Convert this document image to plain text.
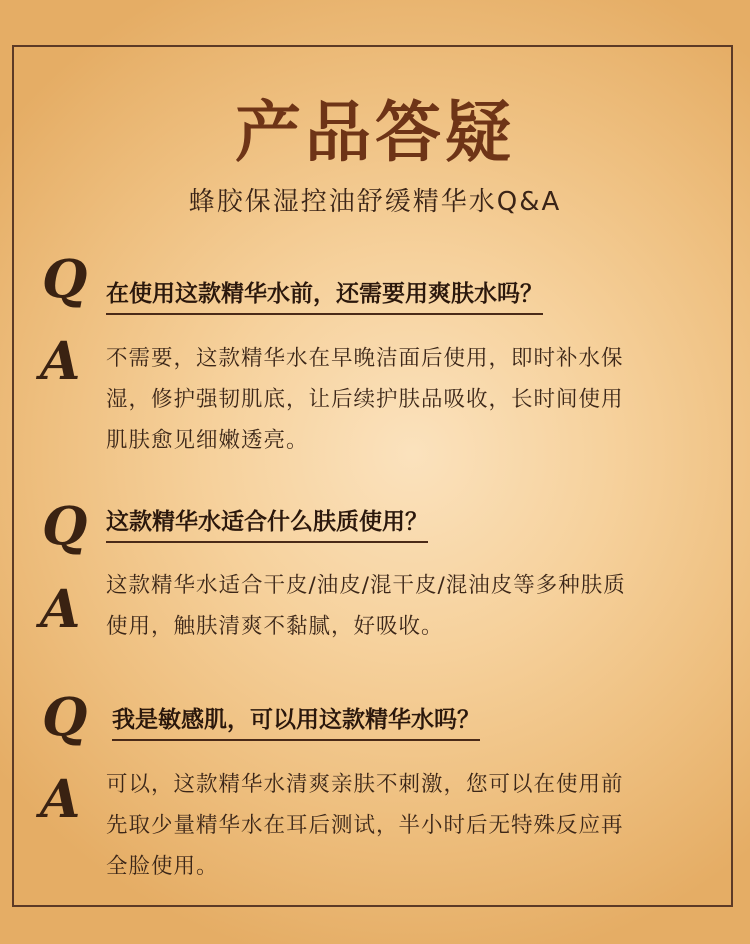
产品答疑
蜂胶保湿控油舒缓精华水Q&A
Q 在使用这款精华水前，还需要用爽肤水吗？
A 不需要，这款精华水在早晚洁面后使用，即时补水保
湿，修护强韧肌底，让后续护肤品吸收，长时间使用
肌肤愈见细嫩透亮。
Q 这款精华水适合什么肤质使用？
A 这款精华水适合干皮/油皮/混干皮/混油皮等多种肤质
使用，触肤清爽不黏腻，好吸收。
Q 我是敏感肌，可以用这款精华水吗？
A 可以，这款精华水清爽亲肤不刺激，您可以在使用前
先取少量精华水在耳后测试，半小时后无特殊反应再
全脸使用。
